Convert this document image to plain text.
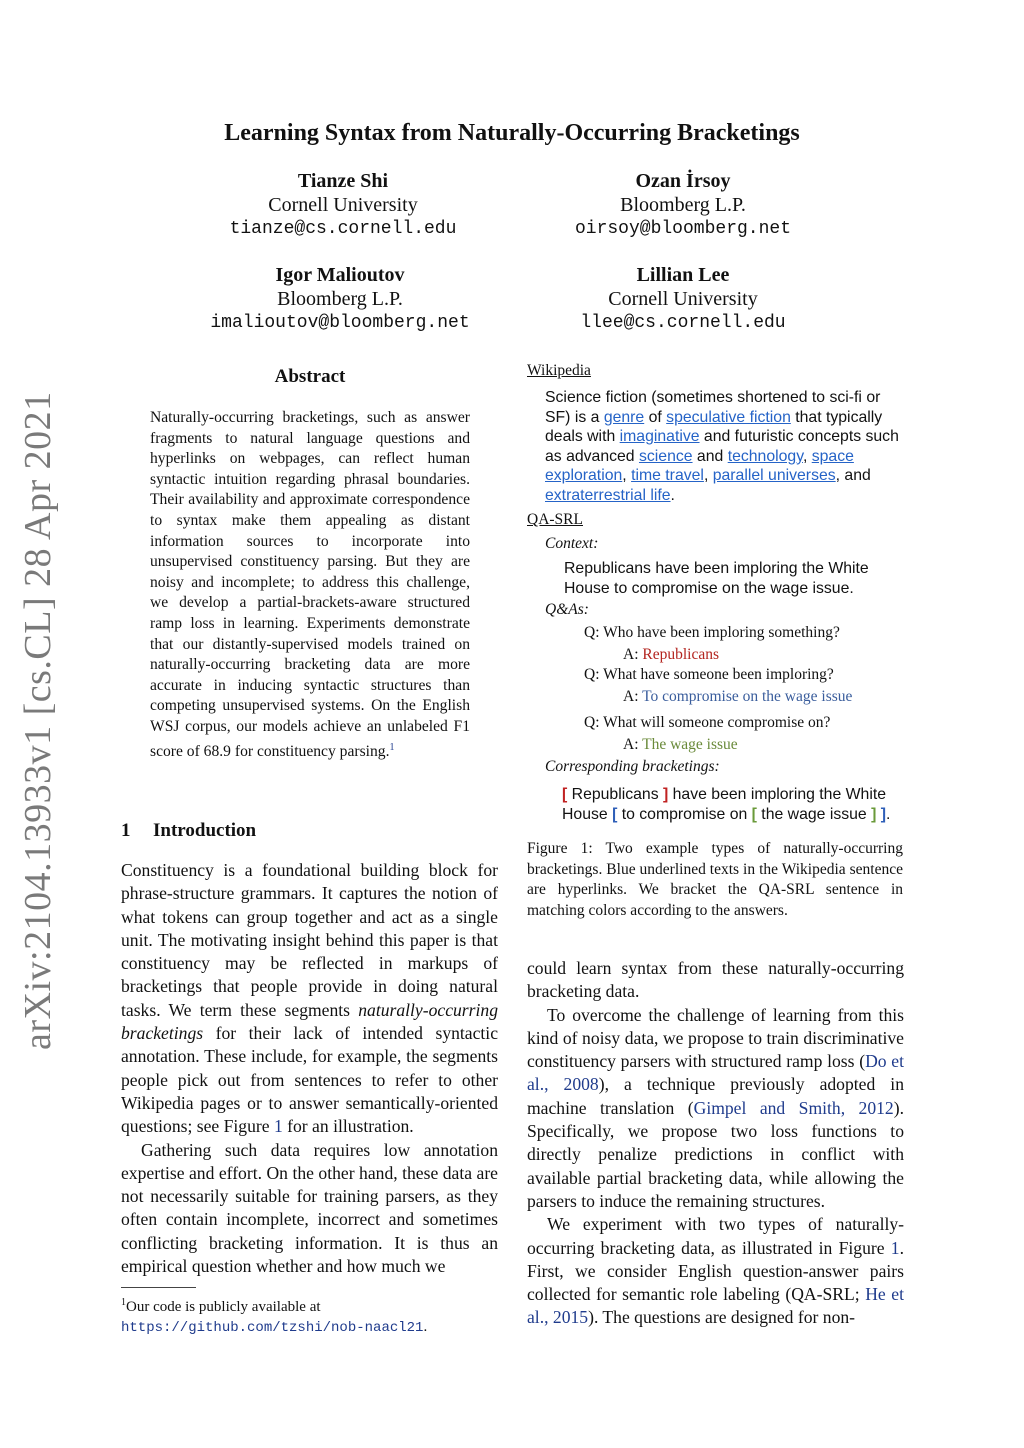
arXiv:2104.13933v1 [cs.CL] 28 Apr 2021
Learning Syntax from Naturally-Occurring Bracketings
Tianze Shi
Cornell University
tianze@cs.cornell.edu
Ozan İrsoy
Bloomberg L.P.
oirsoy@bloomberg.net
Igor Malioutov
Bloomberg L.P.
imalioutov@bloomberg.net
Lillian Lee
Cornell University
llee@cs.cornell.edu
Abstract
Naturally-occurring bracketings, such as answer fragments to natural language questions and hyperlinks on webpages, can reflect human syntactic intuition regarding phrasal boundaries. Their availability and approximate correspondence to syntax make them appealing as distant information sources to incorporate into unsupervised constituency parsing. But they are noisy and incomplete; to address this challenge, we develop a partial-brackets-aware structured ramp loss in learning. Experiments demonstrate that our distantly-supervised models trained on naturally-occurring bracketing data are more accurate in inducing syntactic structures than competing unsupervised systems. On the English WSJ corpus, our models achieve an unlabeled F1 score of 68.9 for constituency parsing.$^1$
1 Introduction

Constituency is a foundational building block for phrase-structure grammars. It captures the notion of what tokens can group together and act as a single unit. The motivating insight behind this paper is that constituency may be reflected in markups of bracketings that people provide in doing natural tasks. We term these segments naturally-occurring bracketings for their lack of intended syntactic annotation. These include, for example, the segments people pick out from sentences to refer to other Wikipedia pages or to answer semantically-oriented questions; see Figure 1 for an illustration.

Gathering such data requires low annotation expertise and effort. On the other hand, these data are not necessarily suitable for training parsers, as they often contain incomplete, incorrect and sometimes conflicting bracketing information. It is thus an empirical question whether and how much we

$^1$Our code is publicly available at https://github.com/tzshi/nob-naacl21.
Wikipedia
Science fiction (sometimes shortened to sci-fi or SF) is a genre of speculative fiction that typically deals with imaginative and futuristic concepts such as advanced science and technology, space exploration, time travel, parallel universes, and extraterrestrial life.
QA-SRL
Context:
Republicans have been imploring the White House to compromise on the wage issue.
Q&As:
Q: Who have been imploring something?
A: Republicans
Q: What have someone been imploring?
A: To compromise on the wage issue
Q: What will someone compromise on?
A: The wage issue
Corresponding bracketings:
[ Republicans ] have been imploring the White House [ to compromise on [ the wage issue ] ].
Figure 1: Two example types of naturally-occurring bracketings. Blue underlined texts in the Wikipedia sentence are hyperlinks. We bracket the QA-SRL sentence in matching colors according to the answers.

could learn syntax from these naturally-occurring bracketing data.

To overcome the challenge of learning from this kind of noisy data, we propose to train discriminative constituency parsers with structured ramp loss (Do et al., 2008), a technique previously adopted in machine translation (Gimpel and Smith, 2012). Specifically, we propose two loss functions to directly penalize predictions in conflict with available partial bracketing data, while allowing the parsers to induce the remaining structures.

We experiment with two types of naturally-occurring bracketing data, as illustrated in Figure 1. First, we consider English question-answer pairs collected for semantic role labeling (QA-SRL; He et al., 2015). The questions are designed for non-
